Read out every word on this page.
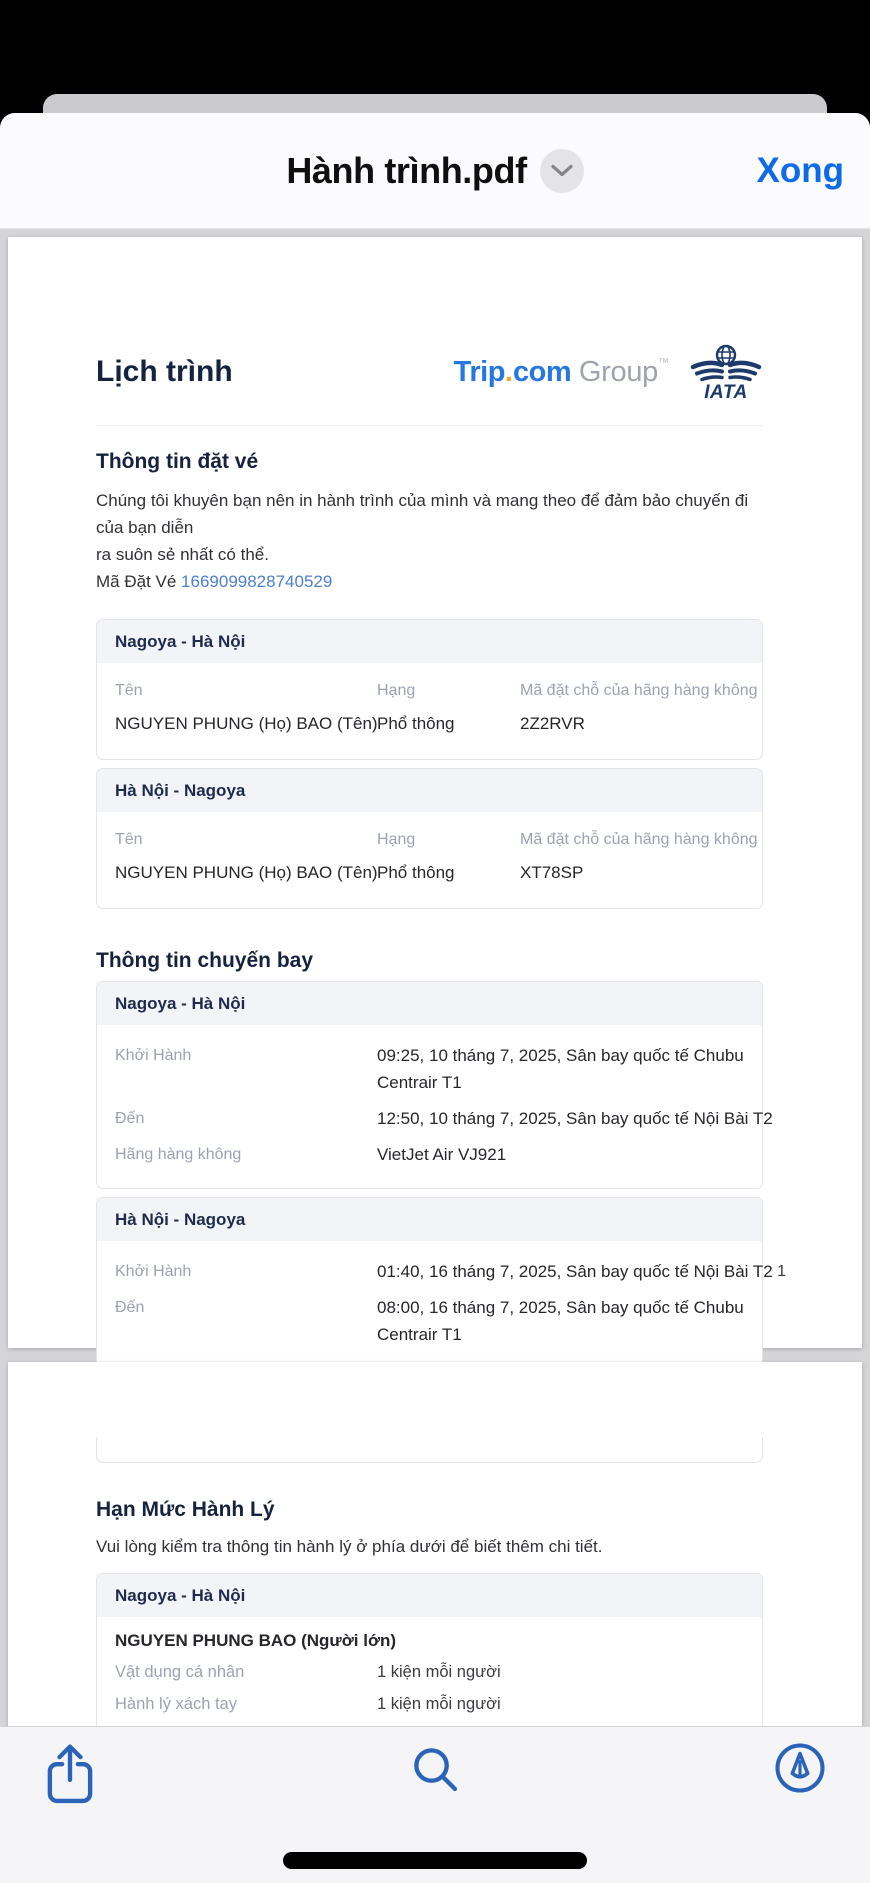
Hành trình.pdf	Xong
Lịch trình	Trip.com Group™
IATA
Thông tin đặt vé

Chúng tôi khuyên bạn nên in hành trình của mình và mang theo để đảm bảo chuyến đi của bạn diễn
ra suôn sẻ nhất có thể.

Mã Đặt Vé 1669099828740529

Nagoya - Hà Nội
Tên	Hạng	Mã đặt chỗ của hãng hàng không
NGUYEN PHUNG (Họ) BAO (Tên) Phổ thông	2Z2RVR
Hà Nội - Nagoya
Tên	Hạng	Mã đặt chỗ của hãng hàng không
NGUYEN PHUNG (Họ) BAO (Tên) Phổ thông	XT78SP
Thông tin chuyến bay
Nagoya - Hà Nội
Khởi Hành	09:25, 10 tháng 7, 2025, Sân bay quốc tế Chubu
Centrair T1
Đến	12:50, 10 tháng 7, 2025, Sân bay quốc tế Nội Bài T2
Hãng hàng không	VietJet Air VJ921
Hà Nội - Nagoya
Khởi Hành	01:40, 16 tháng 7, 2025, Sân bay quốc tế Nội Bài T2
Đến	08:00, 16 tháng 7, 2025, Sân bay quốc tế Chubu
Centrair T1
1
Hạn Mức Hành Lý

Vui lòng kiểm tra thông tin hành lý ở phía dưới để biết thêm chi tiết.

Nagoya - Hà Nội
NGUYEN PHUNG BAO (Người lớn)
Vật dụng cá nhân	1 kiện mỗi người
Hành lý xách tay	1 kiện mỗi người
